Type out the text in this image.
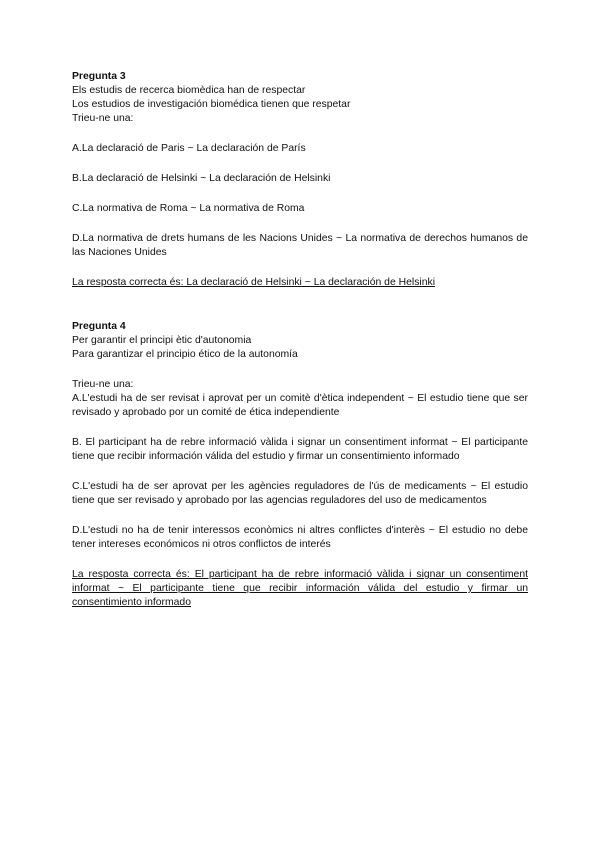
Pregunta 3

Els estudis de recerca biomèdica han de respectar

Los estudios de investigación biomédica tienen que respetar

Trieu-ne una:

A.La declaració de Paris ~ La declaración de París

B.La declaració de Helsinki ~ La declaración de Helsinki

C.La normativa de Roma ~ La normativa de Roma

D.La normativa de drets humans de les Nacions Unides ~ La normativa de derechos humanos de las Naciones Unides

La resposta correcta és: La declaració de Helsinki ~ La declaración de Helsinki

Pregunta 4

Per garantir el principi ètic d'autonomia

Para garantizar el principio ético de la autonomía

Trieu-ne una:

A.L'estudi ha de ser revisat i aprovat per un comitè d'ètica independent ~ El estudio tiene que ser revisado y aprobado por un comité de ética independiente

B. El participant ha de rebre informació vàlida i signar un consentiment informat ~ El participante tiene que recibir información válida del estudio y firmar un consentimiento informado

C.L'estudi ha de ser aprovat per les agències reguladores de l'ús de medicaments ~ El estudio tiene que ser revisado y aprobado por las agencias reguladores del uso de medicamentos

D.L'estudi no ha de tenir interessos econòmics ni altres conflictes d'interès ~ El estudio no debe tener intereses económicos ni otros conflictos de interés

La resposta correcta és: El participant ha de rebre informació vàlida i signar un consentiment informat ~ El participante tiene que recibir información válida del estudio y firmar un consentimiento informado
